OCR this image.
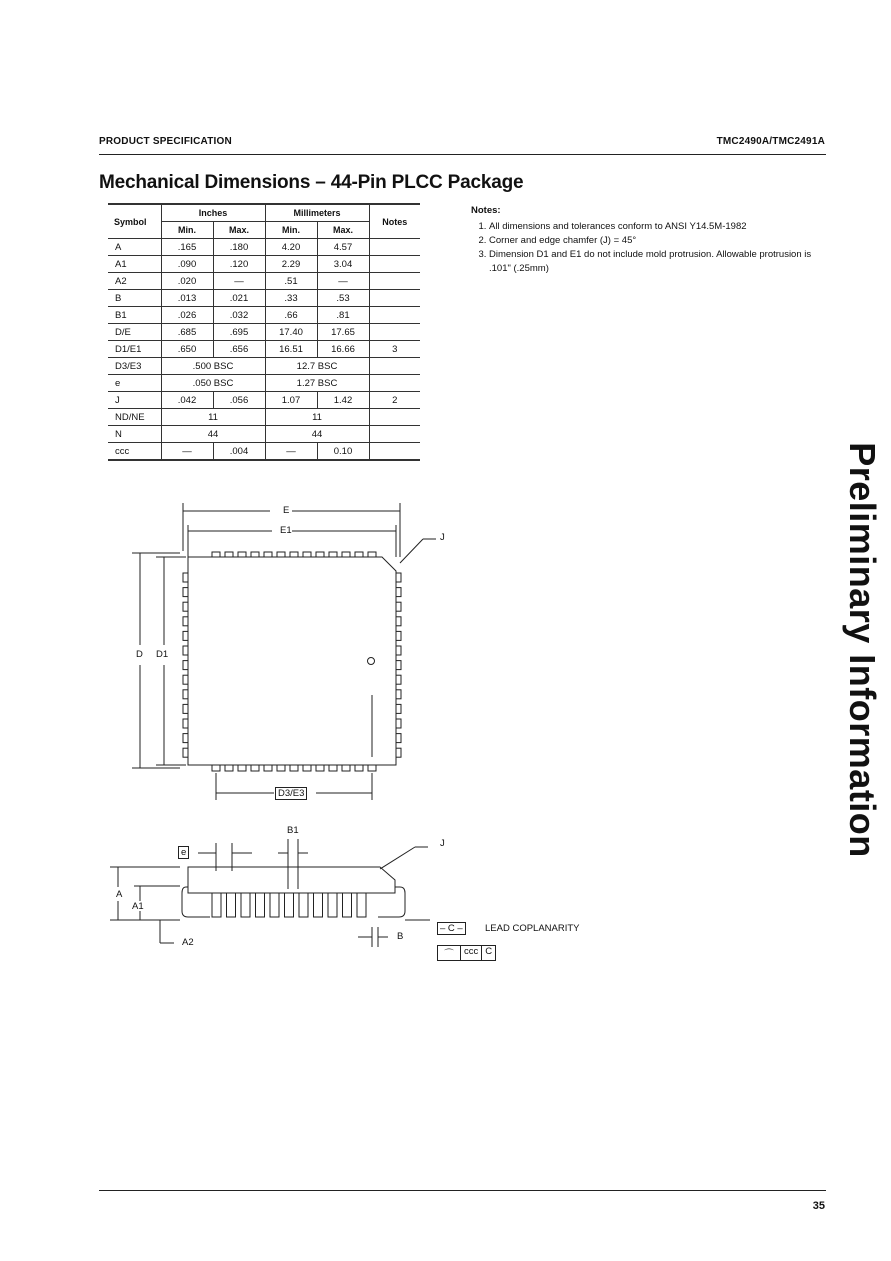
PRODUCT SPECIFICATION	TMC2490A/TMC2491A
Mechanical Dimensions – 44-Pin PLCC Package
Symbol	Inches		Millimeters		Notes
	Min.	Max.	Min.	Max.	
A	.165	.180	4.20	4.57	
A1	.090	.120	2.29	3.04	
A2	.020	—	.51	—	
B	.013	.021	.33	.53	
B1	.026	.032	.66	.81	
D/E	.685	.695	17.40	17.65	
D1/E1	.650	.656	16.51	16.66	3
D3/E3	.500 BSC		12.7 BSC		
e	.050 BSC		1.27 BSC		
J	.042	.056	1.07	1.42	2
ND/NE	11		11		
N	44		44		
ccc	—	.004	—	0.10	
Notes:
1. All dimensions and tolerances conform to ANSI Y14.5M-1982
2. Corner and edge chamfer (J) = 45°
3. Dimension D1 and E1 do not include mold protrusion. Allowable protrusion is .101" (.25mm)
E
E1
J
D D1
D3/E3
B1
J
e
A
A1
A2
B
– C –	LEAD COPLANARITY
⌒	ccc C
Preliminary Information
35
